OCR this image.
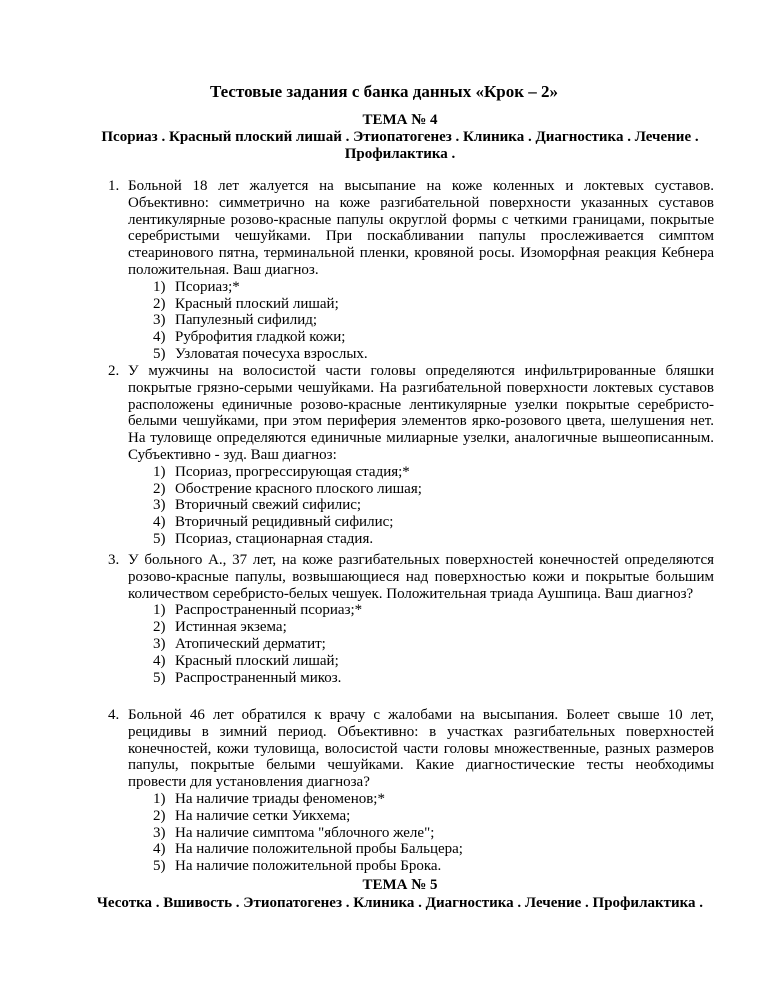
Тестовые задания с банка данных «Крок – 2»
ТЕМА № 4
Псориаз . Красный плоский лишай . Этиопатогенез . Клиника . Диагностика . Лечение . Профилактика .
1. Больной 18 лет жалуется на высыпание на коже коленных и локтевых суставов. Объективно: симметрично на коже разгибательной поверхности указанных суставов лентикулярные розово-красные папулы округлой формы с четкими границами, покрытые серебристыми чешуйками. При поскабливании папулы прослеживается симптом стеаринового пятна, терминальной пленки, кровяной росы. Изоморфная реакция Кебнера положительная. Ваш диагноз.
1) Псориаз;*
2) Красный плоский лишай;
3) Папулезный сифилид;
4) Руброфития гладкой кожи;
5) Узловатая почесуха взрослых.
2. У мужчины на волосистой части головы определяются инфильтрированные бляшки покрытые грязно-серыми чешуйками. На разгибательной поверхности локтевых суставов расположены единичные розово-красные лентикулярные узелки покрытые серебристо-белыми чешуйками, при этом периферия элементов ярко-розового цвета, шелушения нет. На туловище определяются единичные милиарные узелки, аналогичные вышеописанным. Субъективно - зуд. Ваш диагноз:
1) Псориаз, прогрессирующая стадия;*
2) Обострение красного плоского лишая;
3) Вторичный свежий сифилис;
4) Вторичный рецидивный сифилис;
5) Псориаз, стационарная стадия.
3. У больного А., 37 лет, на коже разгибательных поверхностей конечностей определяются розово-красные папулы, возвышающиеся над поверхностью кожи и покрытые большим количеством серебристо-белых чешуек. Положительная триада Аушпица. Ваш диагноз?
1) Распространенный псориаз;*
2) Истинная экзема;
3) Атопический дерматит;
4) Красный плоский лишай;
5) Распространенный микоз.
4. Больной 46 лет обратился к врачу с жалобами на высыпания. Болеет свыше 10 лет, рецидивы в зимний период. Объективно: в участках разгибательных поверхностей конечностей, кожи туловища, волосистой части головы множественные, разных размеров папулы, покрытые белыми чешуйками. Какие диагностические тесты необходимы провести для установления диагноза?
1) На наличие триады феноменов;*
2) На наличие сетки Уикхема;
3) На наличие симптома "яблочного желе";
4) На наличие положительной пробы Бальцера;
5) На наличие положительной пробы Брока.
ТЕМА № 5
Чесотка . Вшивость . Этиопатогенез . Клиника . Диагностика . Лечение . Профилактика .
